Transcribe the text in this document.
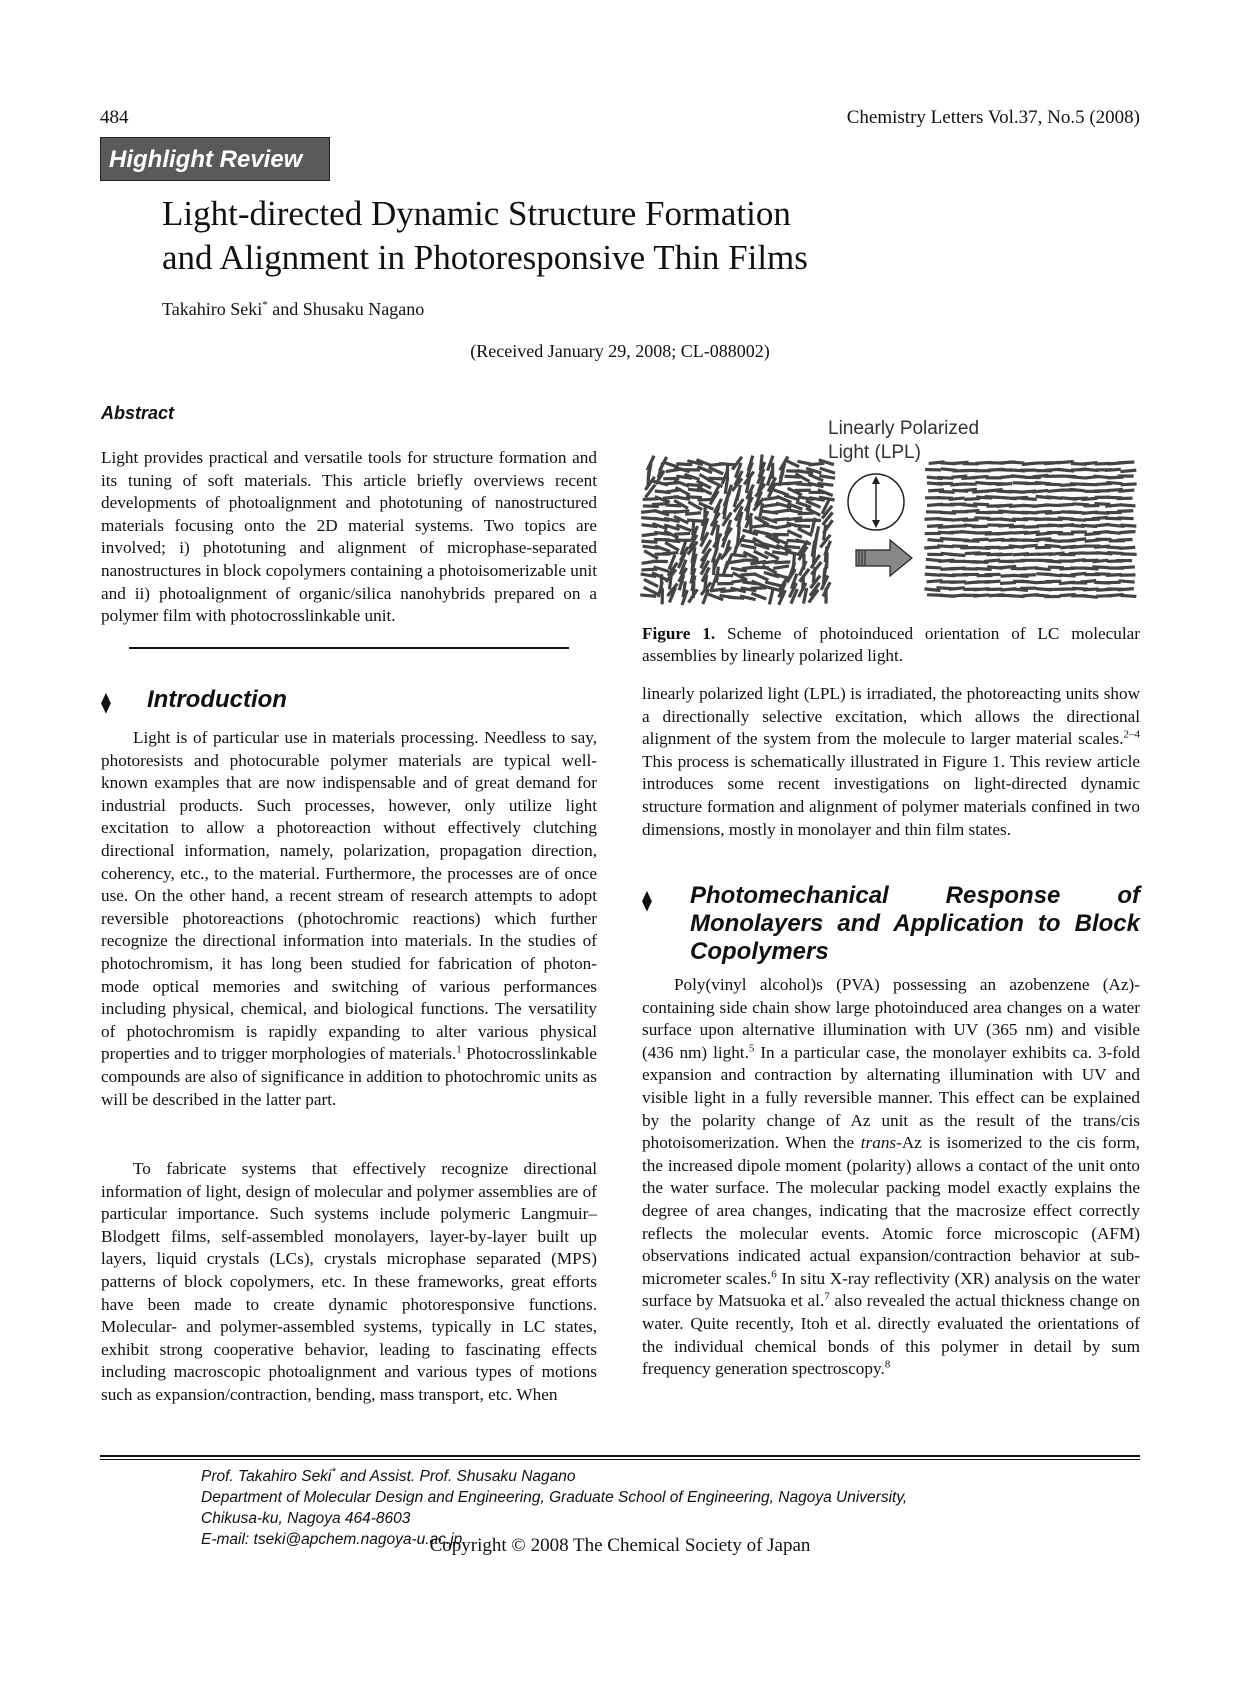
484	Chemistry Letters Vol.37, No.5 (2008)
Highlight Review
Light-directed Dynamic Structure Formation
and Alignment in Photoresponsive Thin Films
Takahiro Seki* and Shusaku Nagano
(Received January 29, 2008; CL-088002)
Abstract
Light provides practical and versatile tools for structure formation and its tuning of soft materials. This article briefly overviews recent developments of photoalignment and phototuning of nanostructured materials focusing onto the 2D material systems. Two topics are involved; i) phototuning and alignment of microphase-separated nanostructures in block copolymers containing a photoisomerizable unit and ii) photoalignment of organic/silica nanohybrids prepared on a polymer film with photocrosslinkable unit.
⧫ Introduction
Light is of particular use in materials processing. Needless to say, photoresists and photocurable polymer materials are typical well-known examples that are now indispensable and of great demand for industrial products. Such processes, however, only utilize light excitation to allow a photoreaction without effectively clutching directional information, namely, polarization, propagation direction, coherency, etc., to the material. Furthermore, the processes are of once use. On the other hand, a recent stream of research attempts to adopt reversible photoreactions (photochromic reactions) which further recognize the directional information into materials. In the studies of photochromism, it has long been studied for fabrication of photon-mode optical memories and switching of various performances including physical, chemical, and biological functions. The versatility of photochromism is rapidly expanding to alter various physical properties and to trigger morphologies of materials.$^1$ Photocrosslinkable compounds are also of significance in addition to photochromic units as will be described in the latter part.
To fabricate systems that effectively recognize directional information of light, design of molecular and polymer assemblies are of particular importance. Such systems include polymeric Langmuir–Blodgett films, self-assembled monolayers, layer-by-layer built up layers, liquid crystals (LCs), crystals microphase separated (MPS) patterns of block copolymers, etc. In these frameworks, great efforts have been made to create dynamic photoresponsive functions. Molecular- and polymer-assembled systems, typically in LC states, exhibit strong cooperative behavior, leading to fascinating effects including macroscopic photoalignment and various types of motions such as expansion/contraction, bending, mass transport, etc. When
Linearly Polarized
Light (LPL)
Figure 1. Scheme of photoinduced orientation of LC molecular assemblies by linearly polarized light.
linearly polarized light (LPL) is irradiated, the photoreacting units show a directionally selective excitation, which allows the directional alignment of the system from the molecule to larger material scales.$^{2-4}$ This process is schematically illustrated in Figure 1. This review article introduces some recent investigations on light-directed dynamic structure formation and alignment of polymer materials confined in two dimensions, mostly in monolayer and thin film states.
⧫ Photomechanical Response of Monolayers and Application to Block Copolymers
Poly(vinyl alcohol)s (PVA) possessing an azobenzene (Az)-containing side chain show large photoinduced area changes on a water surface upon alternative illumination with UV (365 nm) and visible (436 nm) light.$^5$ In a particular case, the monolayer exhibits ca. 3-fold expansion and contraction by alternating illumination with UV and visible light in a fully reversible manner. This effect can be explained by the polarity change of Az unit as the result of the trans/cis photoisomerization. When the trans-Az is isomerized to the cis form, the increased dipole moment (polarity) allows a contact of the unit onto the water surface. The molecular packing model exactly explains the degree of area changes, indicating that the macrosize effect correctly reflects the molecular events. Atomic force microscopic (AFM) observations indicated actual expansion/contraction behavior at sub-micrometer scales.$^6$ In situ X-ray reflectivity (XR) analysis on the water surface by Matsuoka et al.$^7$ also revealed the actual thickness change on water. Quite recently, Itoh et al. directly evaluated the orientations of the individual chemical bonds of this polymer in detail by sum frequency generation spectroscopy.$^8$
Prof. Takahiro Seki* and Assist. Prof. Shusaku Nagano
Department of Molecular Design and Engineering, Graduate School of Engineering, Nagoya University,
Chikusa-ku, Nagoya 464-8603
E-mail: tseki@apchem.nagoya-u.ac.jp
Copyright © 2008 The Chemical Society of Japan
